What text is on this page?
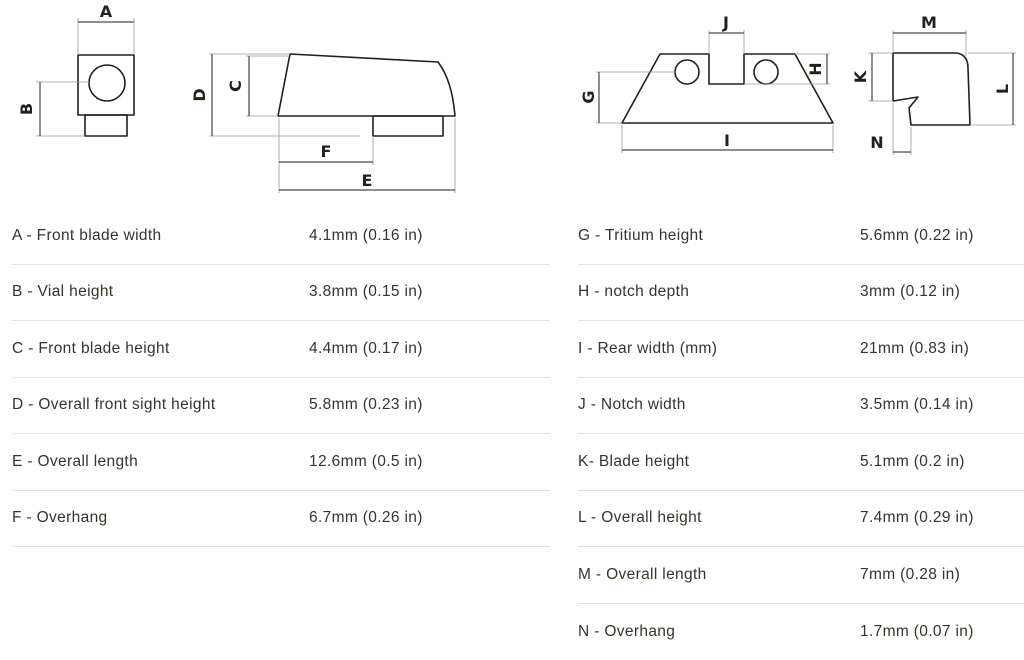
A
B
C
D
F
E
J
G
H
I
M
K
L
N
A - Front blade width	4.1mm (0.16 in)
B - Vial height	3.8mm (0.15 in)
C - Front blade height	4.4mm (0.17 in)
D - Overall front sight height	5.8mm (0.23 in)
E - Overall length	12.6mm (0.5 in)
F - Overhang	6.7mm (0.26 in)
G - Tritium height	5.6mm (0.22 in)
H - notch depth	3mm (0.12 in)
I - Rear width (mm)	21mm (0.83 in)
J - Notch width	3.5mm (0.14 in)
K- Blade height	5.1mm (0.2 in)
L - Overall height	7.4mm (0.29 in)
M - Overall length	7mm (0.28 in)
N - Overhang	1.7mm (0.07 in)
